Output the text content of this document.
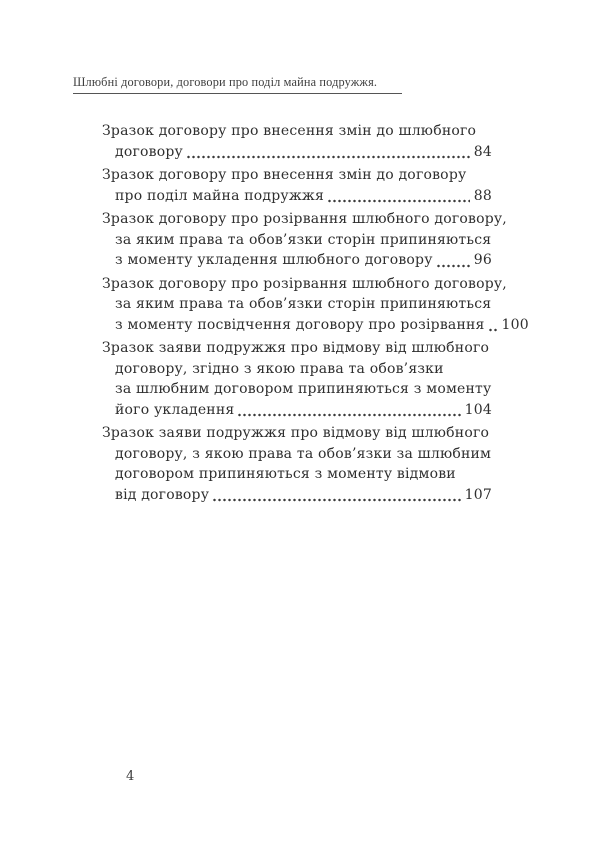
Шлюбні договори, договори про поділ майна подружжя.
Зразок договору про внесення змін до шлюбного
договору	84
Зразок договору про внесення змін до договору
про поділ майна подружжя	88
Зразок договору про розірвання шлюбного договору,
за яким права та обов’язки сторін припиняються
з моменту укладення шлюбного договору	96
Зразок договору про розірвання шлюбного договору,
за яким права та обов’язки сторін припиняються
з моменту посвідчення договору про розірвання 100
Зразок заяви подружжя про відмову від шлюбного
договору, згідно з якою права та обов’язки
за шлюбним договором припиняються з моменту
його укладення	104
Зразок заяви подружжя про відмову від шлюбного
договору, з якою права та обов’язки за шлюбним
договором припиняються з моменту відмови
від договору	107
4
